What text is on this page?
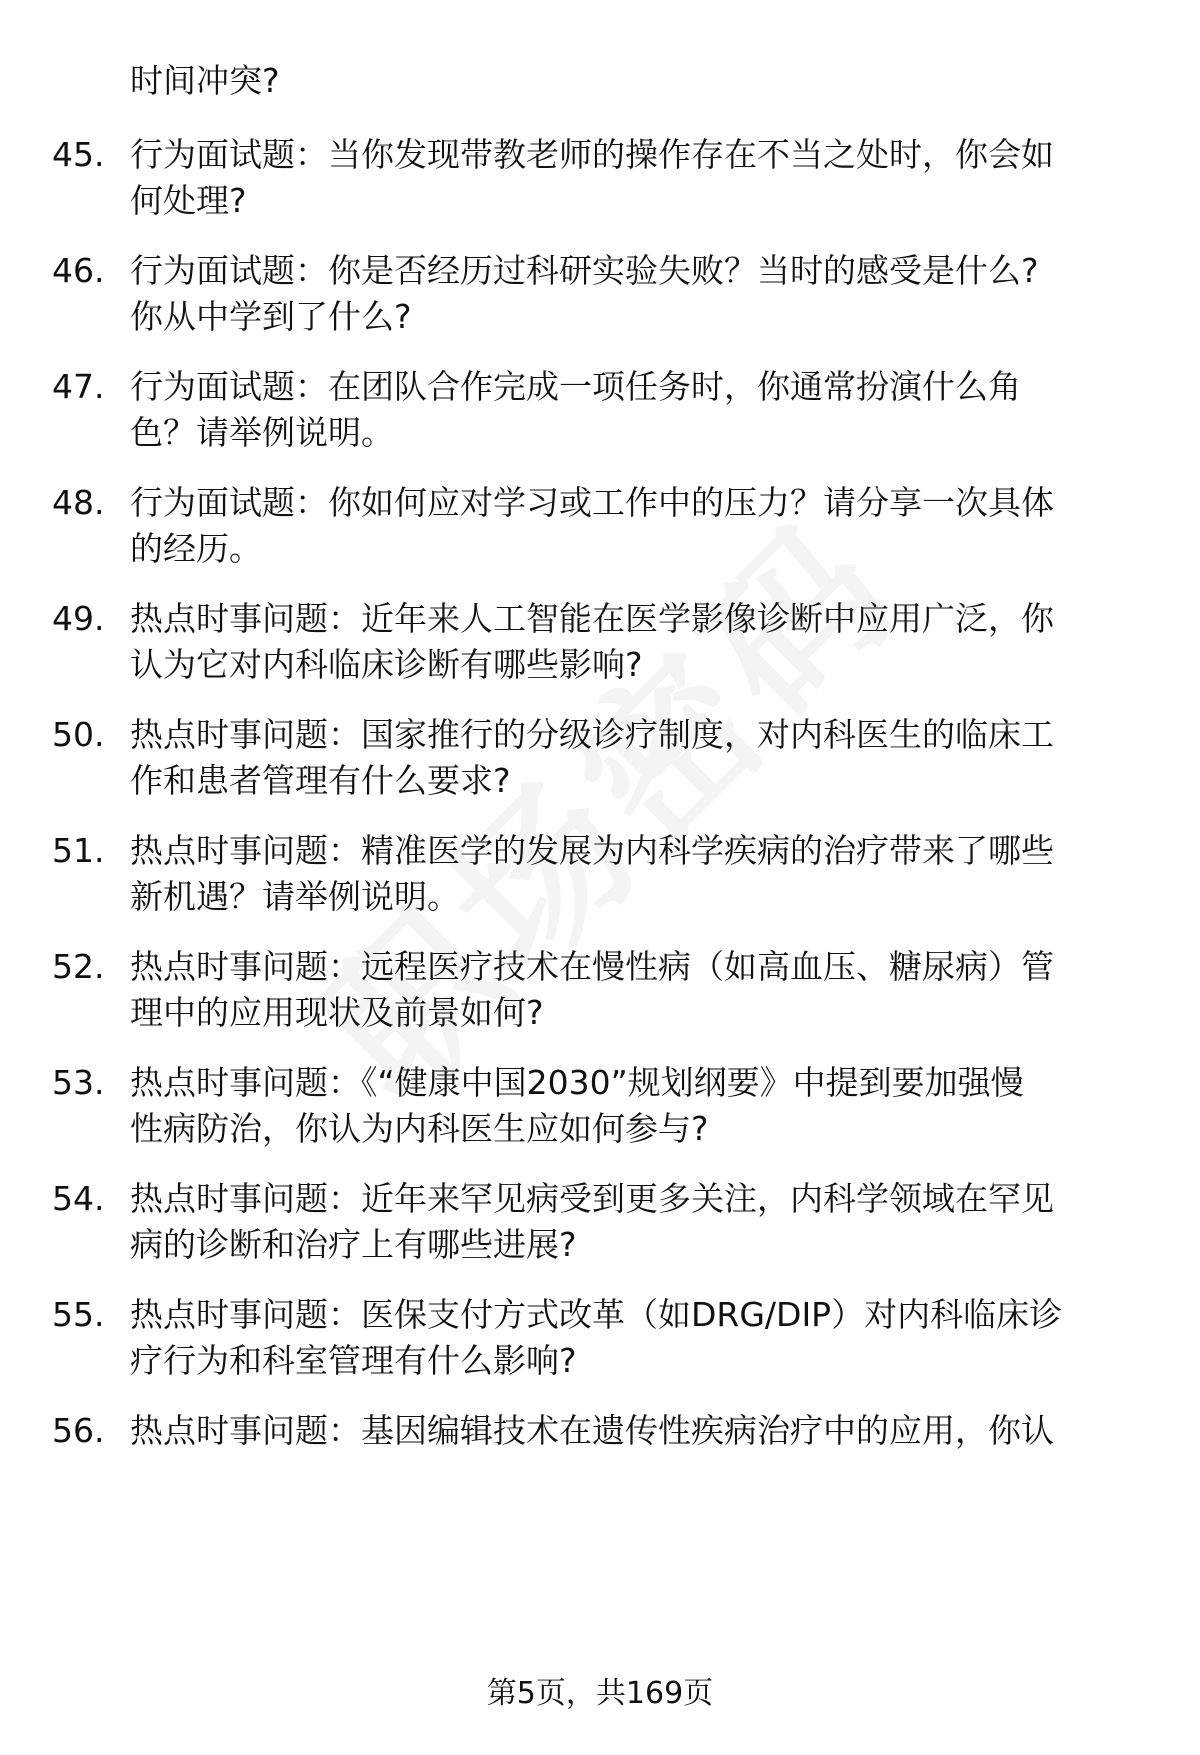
时间冲突?
45. 行为面试题：当你发现带教老师的操作存在不当之处时，你会如
何处理?
46. 行为面试题：你是否经历过科研实验失败？当时的感受是什么?
你从中学到了什么?
47. 行为面试题：在团队合作完成一项任务时，你通常扮演什么角
色？请举例说明。
48. 行为面试题：你如何应对学习或工作中的压力？请分享一次具体
的经历。
49. 热点时事问题：近年来人工智能在医学影像诊断中应用广泛，你
认为它对内科临床诊断有哪些影响?
50. 热点时事问题：国家推行的分级诊疗制度，对内科医生的临床工
作和患者管理有什么要求?
51. 热点时事问题：精准医学的发展为内科学疾病的治疗带来了哪些
新机遇？请举例说明。
52. 热点时事问题：远程医疗技术在慢性病（如高血压、糖尿病）管
理中的应用现状及前景如何?
53. 热点时事问题：《“健康中国2030”规划纲要》中提到要加强慢
性病防治，你认为内科医生应如何参与?
54. 热点时事问题：近年来罕见病受到更多关注，内科学领域在罕见
病的诊断和治疗上有哪些进展?
55. 热点时事问题：医保支付方式改革（如DRG/DIP）对内科临床诊
疗行为和科室管理有什么影响?
56. 热点时事问题：基因编辑技术在遗传性疾病治疗中的应用，你认
第5页，共169页
